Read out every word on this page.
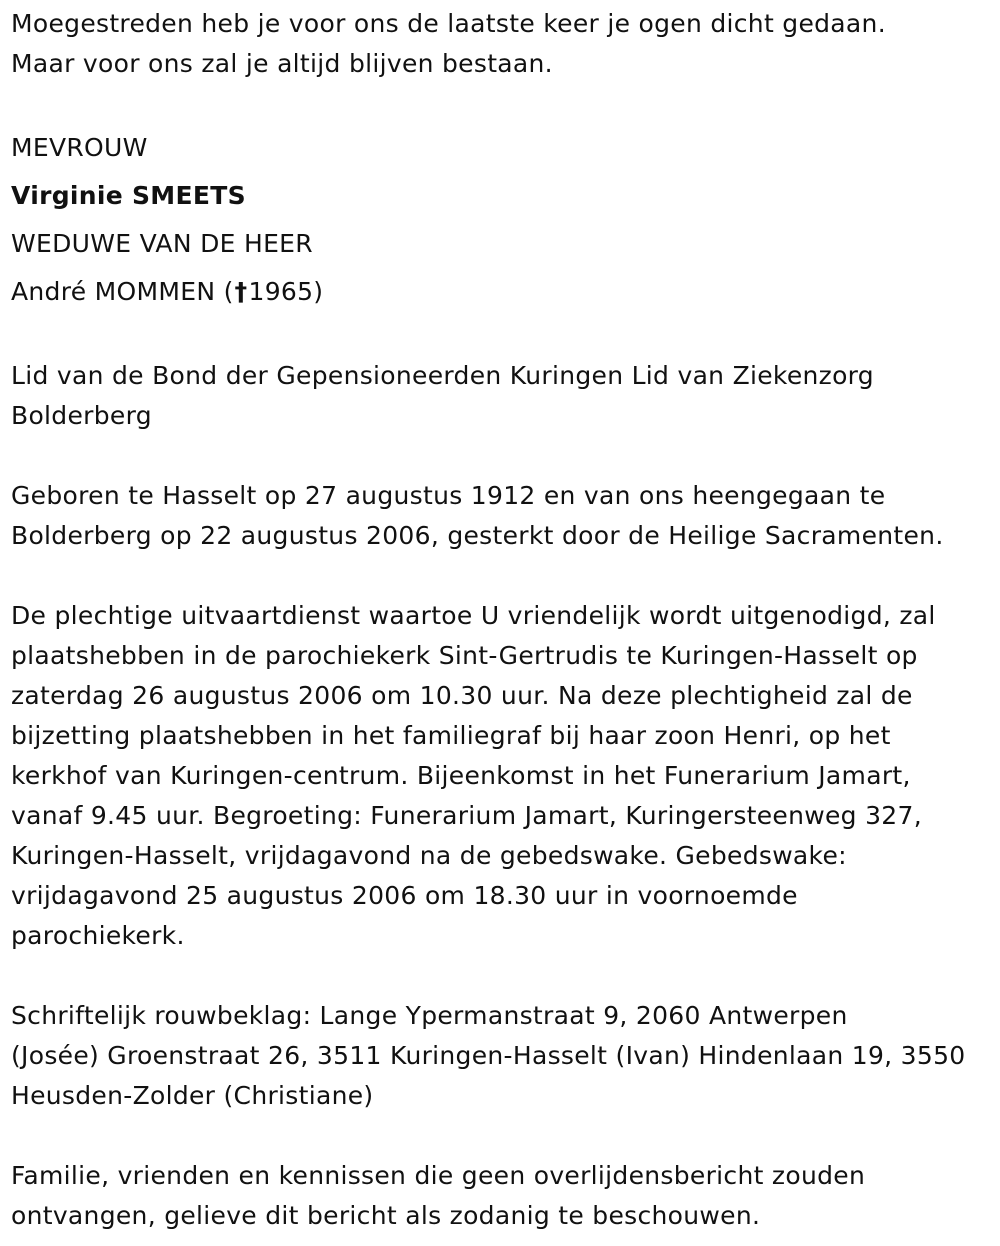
Moegestreden heb je voor ons de laatste keer je ogen dicht gedaan.
Maar voor ons zal je altijd blijven bestaan.
MEVROUW
Virginie SMEETS
WEDUWE VAN DE HEER
André MOMMEN (†1965)
Lid van de Bond der Gepensioneerden Kuringen Lid van Ziekenzorg
Bolderberg
Geboren te Hasselt op 27 augustus 1912 en van ons heengegaan te
Bolderberg op 22 augustus 2006, gesterkt door de Heilige Sacramenten.
De plechtige uitvaartdienst waartoe U vriendelijk wordt uitgenodigd, zal
plaatshebben in de parochiekerk Sint-Gertrudis te Kuringen-Hasselt op
zaterdag 26 augustus 2006 om 10.30 uur. Na deze plechtigheid zal de
bijzetting plaatshebben in het familiegraf bij haar zoon Henri, op het
kerkhof van Kuringen-centrum. Bijeenkomst in het Funerarium Jamart,
vanaf 9.45 uur. Begroeting: Funerarium Jamart, Kuringersteenweg 327,
Kuringen-Hasselt, vrijdagavond na de gebedswake. Gebedswake:
vrijdagavond 25 augustus 2006 om 18.30 uur in voornoemde
parochiekerk.
Schriftelijk rouwbeklag: Lange Ypermanstraat 9, 2060 Antwerpen
(Josée) Groenstraat 26, 3511 Kuringen-Hasselt (Ivan) Hindenlaan 19, 3550
Heusden-Zolder (Christiane)
Familie, vrienden en kennissen die geen overlijdensbericht zouden
ontvangen, gelieve dit bericht als zodanig te beschouwen.
